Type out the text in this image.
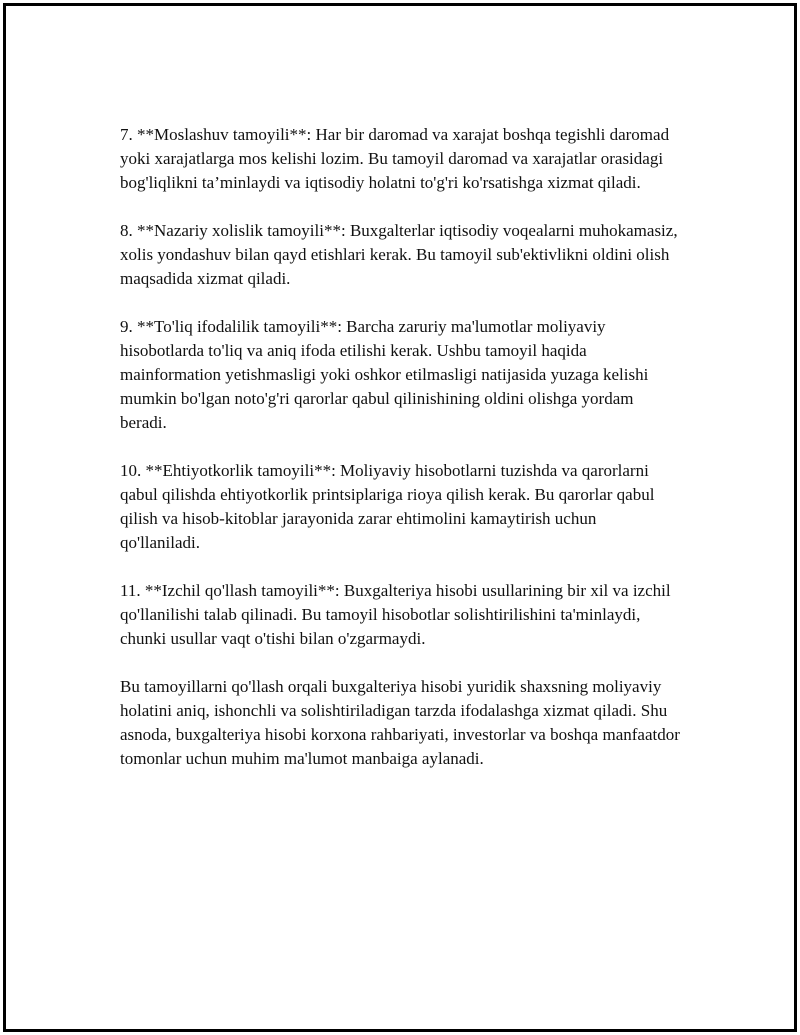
7. **Moslashuv tamoyili**: Har bir daromad va xarajat boshqa tegishli daromad yoki xarajatlarga mos kelishi lozim. Bu tamoyil daromad va xarajatlar orasidagi bog'liqlikni ta’minlaydi va iqtisodiy holatni to'g'ri ko'rsatishga xizmat qiladi.

8. **Nazariy xolislik tamoyili**: Buxgalterlar iqtisodiy voqealarni muhokamasiz, xolis yondashuv bilan qayd etishlari kerak. Bu tamoyil sub'ektivlikni oldini olish maqsadida xizmat qiladi.

9. **To'liq ifodalilik tamoyili**: Barcha zaruriy ma'lumotlar moliyaviy hisobotlarda to'liq va aniq ifoda etilishi kerak. Ushbu tamoyil haqida mainformation yetishmasligi yoki oshkor etilmasligi natijasida yuzaga kelishi mumkin bo'lgan noto'g'ri qarorlar qabul qilinishining oldini olishga yordam beradi.

10. **Ehtiyotkorlik tamoyili**: Moliyaviy hisobotlarni tuzishda va qarorlarni qabul qilishda ehtiyotkorlik printsiplariga rioya qilish kerak. Bu qarorlar qabul qilish va hisob-kitoblar jarayonida zarar ehtimolini kamaytirish uchun qo'llaniladi.

11. **Izchil qo'llash tamoyili**: Buxgalteriya hisobi usullarining bir xil va izchil qo'llanilishi talab qilinadi. Bu tamoyil hisobotlar solishtirilishini ta'minlaydi, chunki usullar vaqt o'tishi bilan o'zgarmaydi.

Bu tamoyillarni qo'llash orqali buxgalteriya hisobi yuridik shaxsning moliyaviy holatini aniq, ishonchli va solishtiriladigan tarzda ifodalashga xizmat qiladi. Shu asnoda, buxgalteriya hisobi korxona rahbariyati, investorlar va boshqa manfaatdor tomonlar uchun muhim ma'lumot manbaiga aylanadi.
